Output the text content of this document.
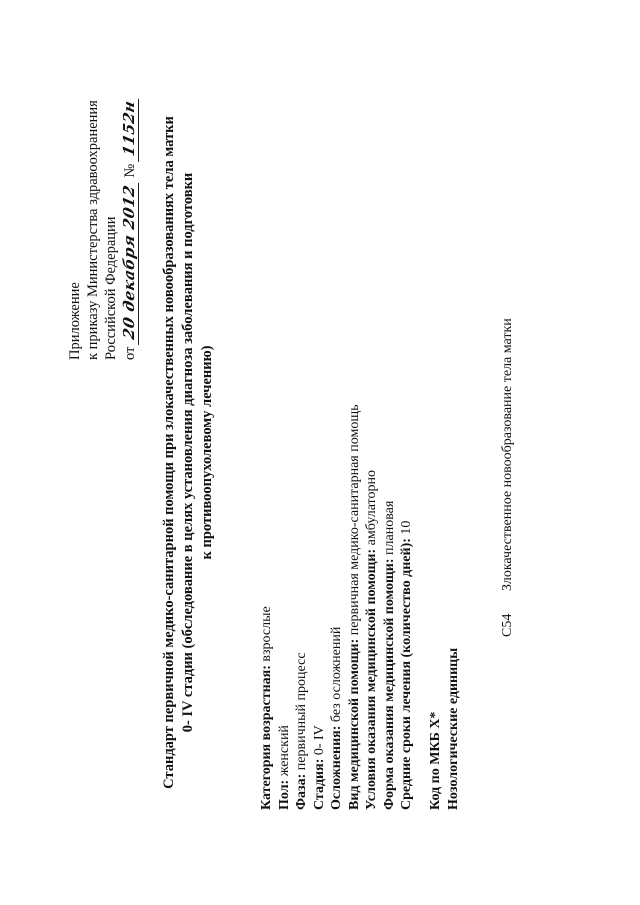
Приложение к приказу Министерства здравоохранения Российской Федерации от 20 декабря 2012 № 1152н Стандарт первичной медико-санитарной помощи при злокачественных новообразованиях тела матки 0- IV стадии (обследование в целях установления диагноза заболевания и подготовки к противоопухолевому лечению)
Категория возрастная: взрослые
Пол: женский
Фаза: первичный процесс
Стадия: 0- IV Осложнения: без осложнений Вид медицинской помощи: первичная медико-санитарная помощь
Условия оказания медицинской помощи: амбулаторно
Форма оказания медицинской помощи: плановая
Средние сроки лечения (количество дней): 10
Код по МКБ X* Нозологические единицы
C54Злокачественное новообразование тела матки
